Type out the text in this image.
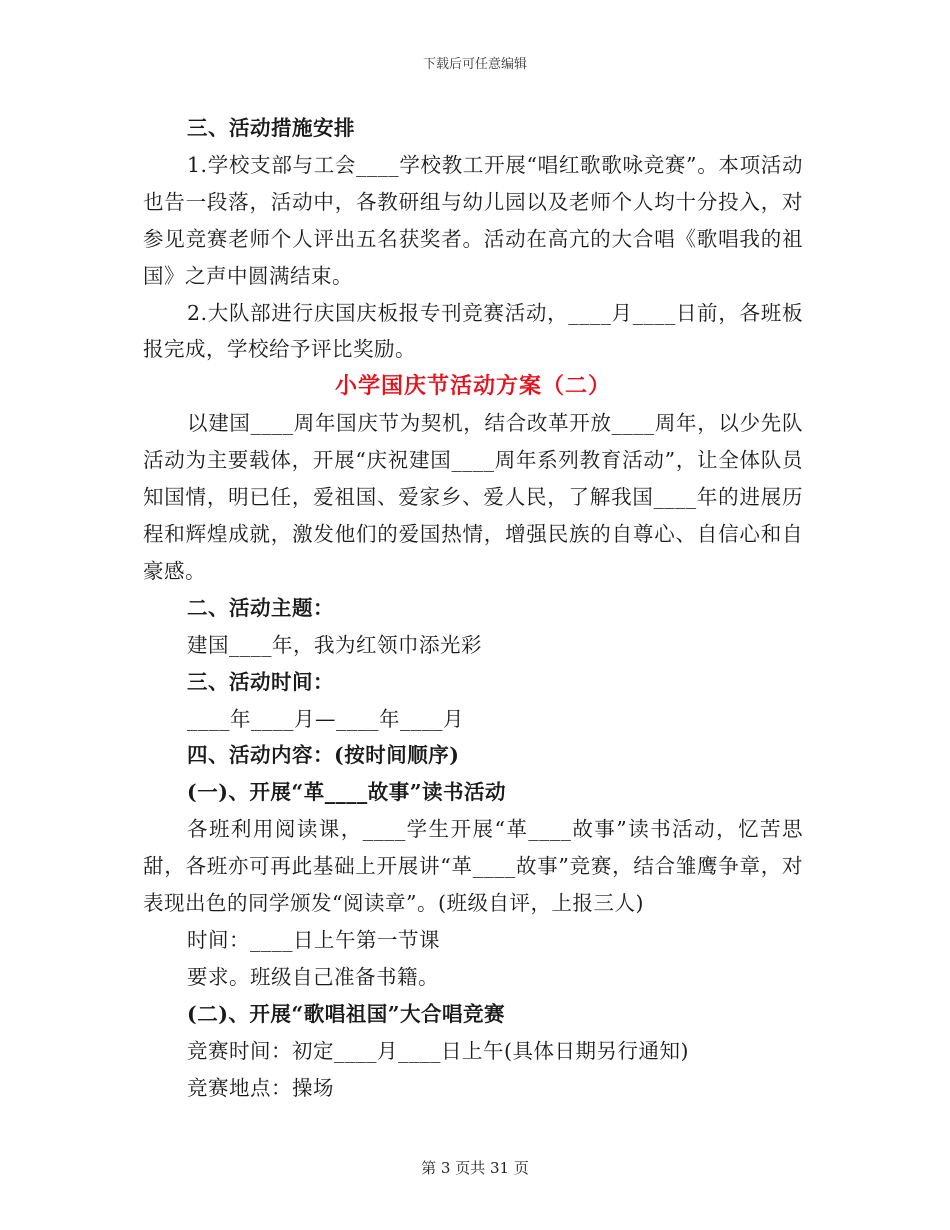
下载后可任意编辑

三、活动措施安排

1.学校支部与工会____学校教工开展“唱红歌歌咏竞赛”。本项活动也告一段落，活动中，各教研组与幼儿园以及老师个人均十分投入，对参见竞赛老师个人评出五名获奖者。活动在高亢的大合唱《歌唱我的祖国》之声中圆满结束。

2.大队部进行庆国庆板报专刊竞赛活动，____月____日前，各班板报完成，学校给予评比奖励。

小学国庆节活动方案（二）

以建国____周年国庆节为契机，结合改革开放____周年，以少先队活动为主要载体，开展“庆祝建国____周年系列教育活动”，让全体队员知国情，明已任，爱祖国、爱家乡、爱人民，了解我国____年的进展历程和辉煌成就，激发他们的爱国热情，增强民族的自尊心、自信心和自豪感。

二、活动主题：

建国____年，我为红领巾添光彩

三、活动时间：

____年____月—____年____月

四、活动内容：(按时间顺序)

(一)、开展“革____故事”读书活动

各班利用阅读课，____学生开展“革____故事”读书活动，忆苦思甜，各班亦可再此基础上开展讲“革____故事”竞赛，结合雏鹰争章，对表现出色的同学颁发“阅读章”。(班级自评，上报三人)

时间：____日上午第一节课

要求。班级自己准备书籍。

(二)、开展“歌唱祖国”大合唱竞赛

竞赛时间：初定____月____日上午(具体日期另行通知)

竞赛地点：操场

第 3 页共 31 页
